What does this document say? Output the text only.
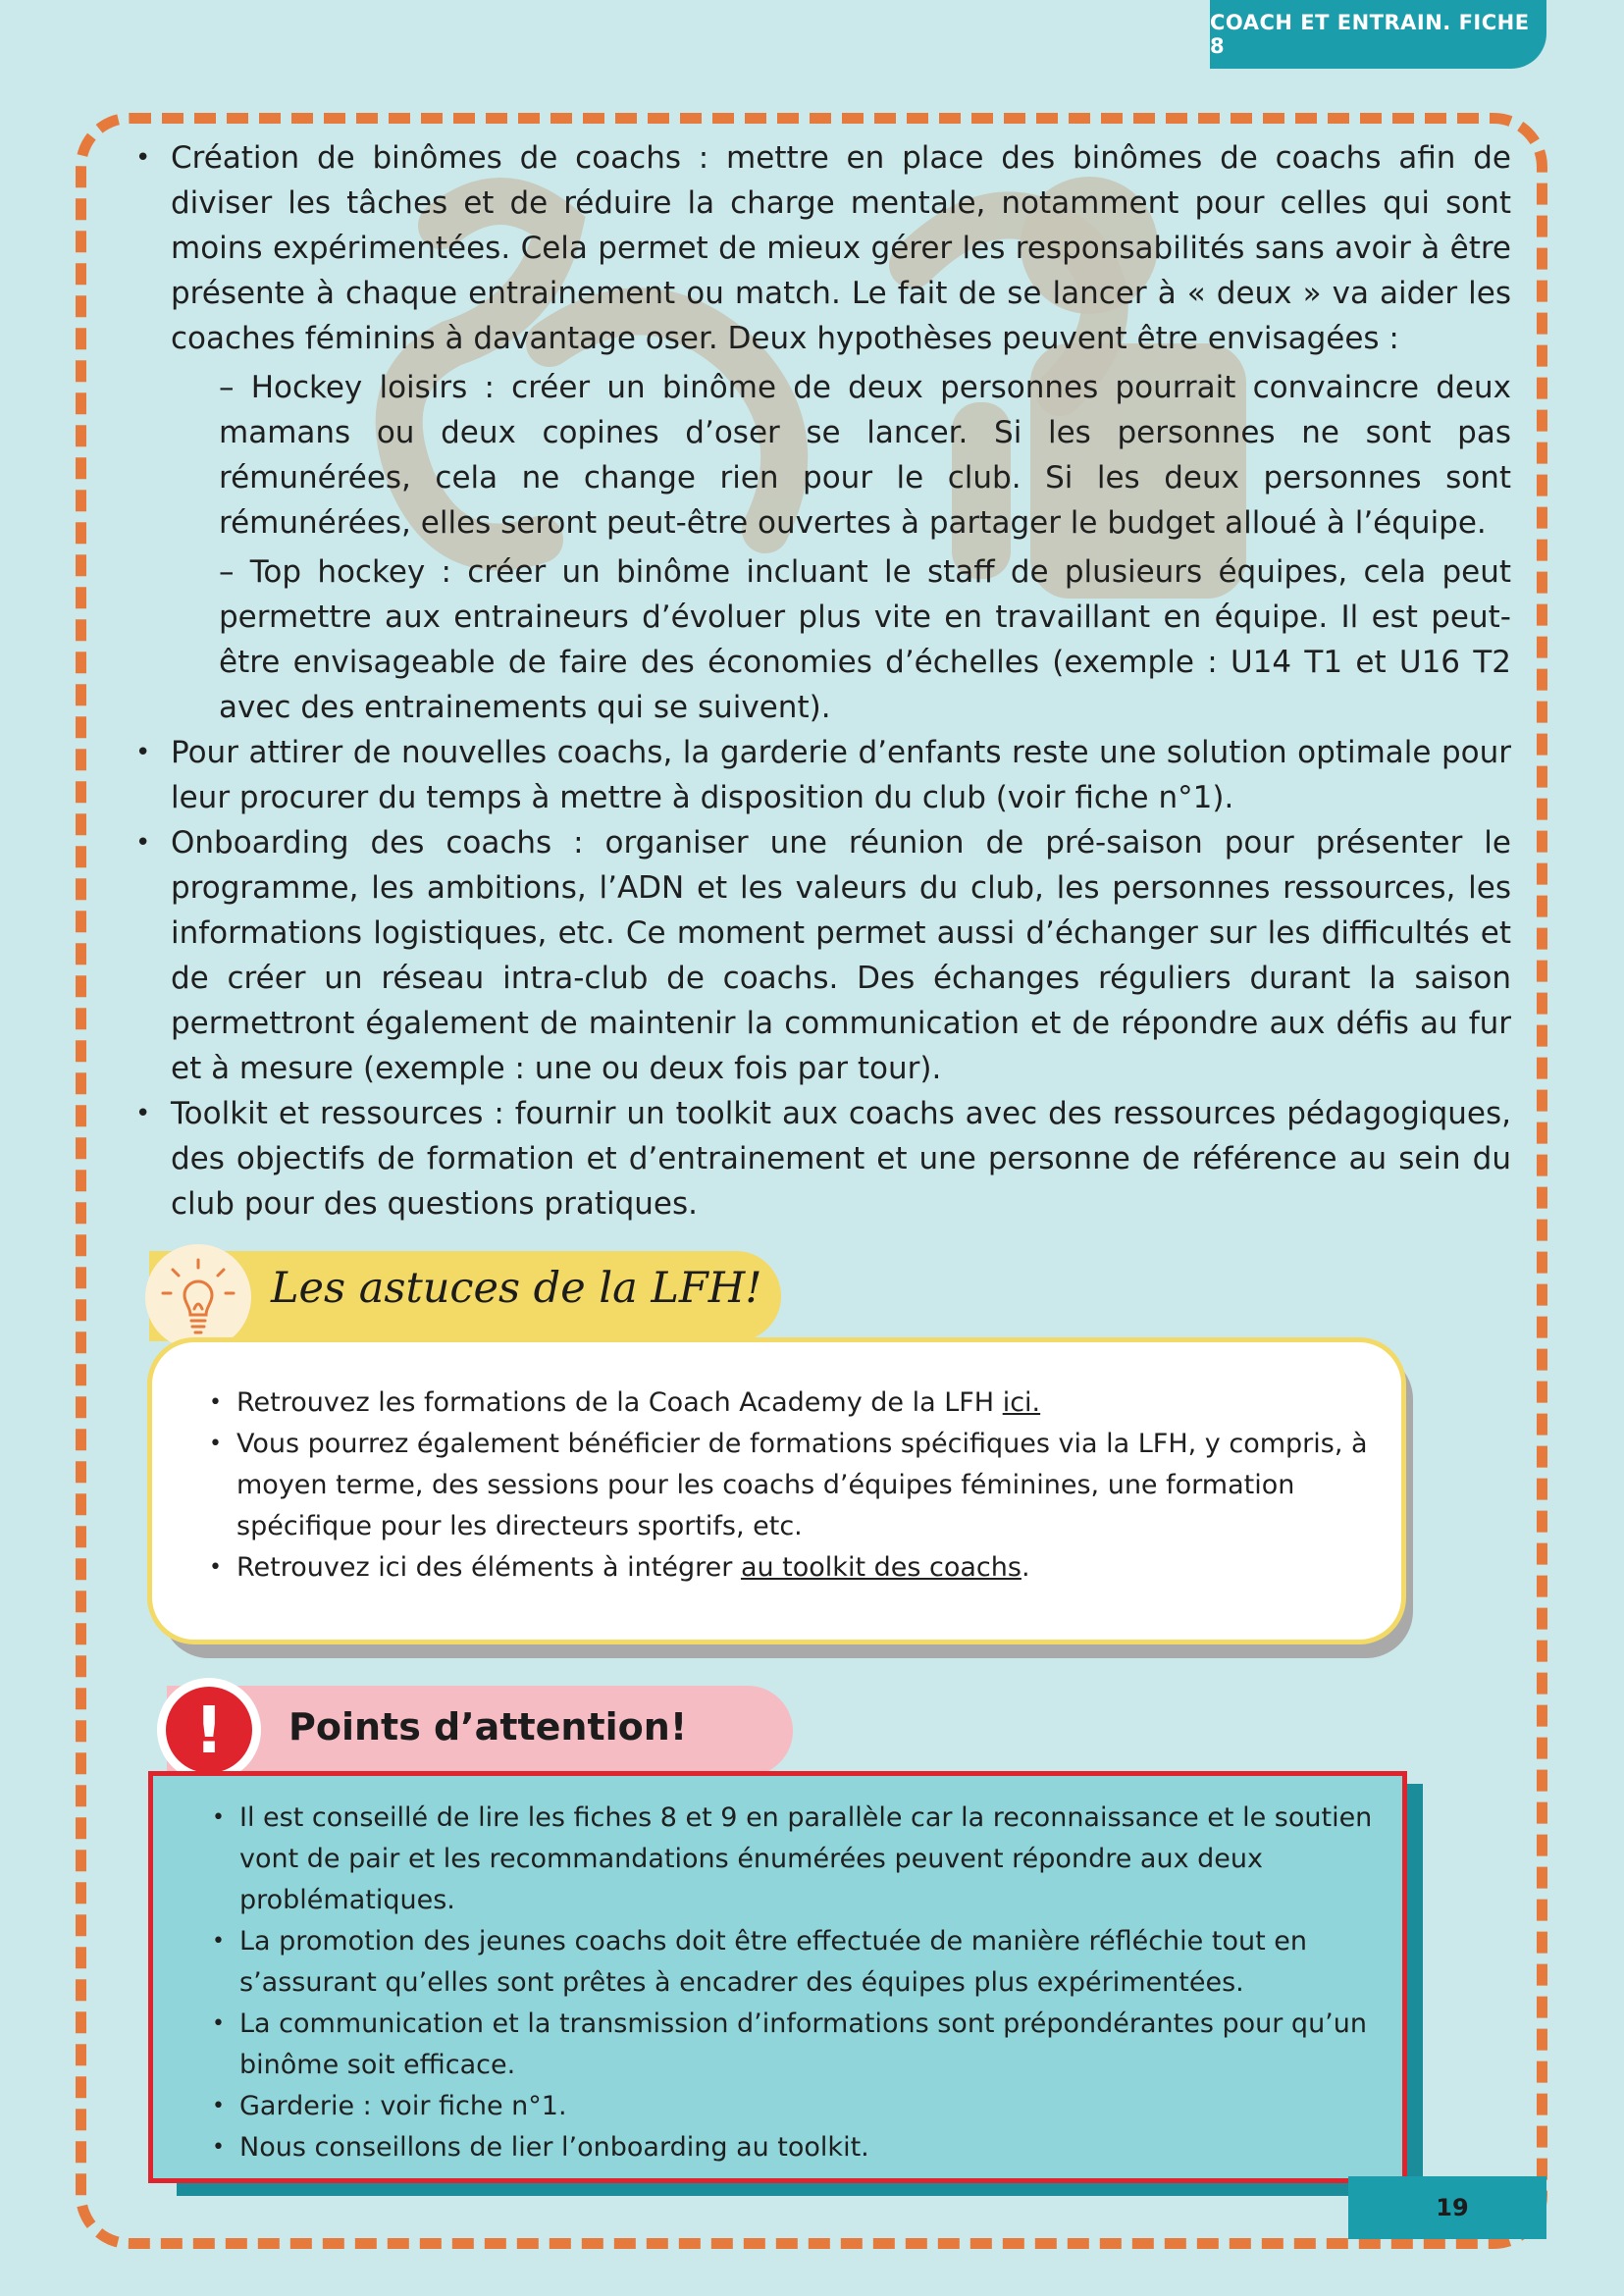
COACH ET ENTRAIN. FICHE 8
• Création de binômes de coachs : mettre en place des binômes de coachs afin de diviser les tâches et de réduire la charge mentale, notamment pour celles qui sont moins expérimentées. Cela permet de mieux gérer les responsabilités sans avoir à être présente à chaque entrainement ou match. Le fait de se lancer à « deux » va aider les coaches féminins à davantage oser. Deux hypothèses peuvent être envisagées :
– Hockey loisirs : créer un binôme de deux personnes pourrait convaincre deux mamans ou deux copines d’oser se lancer. Si les personnes ne sont pas rémunérées, cela ne change rien pour le club. Si les deux personnes sont rémunérées, elles seront peut-être ouvertes à partager le budget alloué à l’équipe.
– Top hockey : créer un binôme incluant le staff de plusieurs équipes, cela peut permettre aux entraineurs d’évoluer plus vite en travaillant en équipe. Il est peut-être envisageable de faire des économies d’échelles (exemple : U14 T1 et U16 T2 avec des entrainements qui se suivent).
• Pour attirer de nouvelles coachs, la garderie d’enfants reste une solution optimale pour leur procurer du temps à mettre à disposition du club (voir fiche n°1).
• Onboarding des coachs : organiser une réunion de pré-saison pour présenter le programme, les ambitions, l’ADN et les valeurs du club, les personnes ressources, les informations logistiques, etc. Ce moment permet aussi d’échanger sur les difficultés et de créer un réseau intra-club de coachs. Des échanges réguliers durant la saison permettront également de maintenir la communication et de répondre aux défis au fur et à mesure (exemple : une ou deux fois par tour).
• Toolkit et ressources : fournir un toolkit aux coachs avec des ressources pédagogiques, des objectifs de formation et d’entrainement et une personne de référence au sein du club pour des questions pratiques.
Les astuces de la LFH!
• Retrouvez les formations de la Coach Academy de la LFH ici.
• Vous pourrez également bénéficier de formations spécifiques via la LFH, y compris, à moyen terme, des sessions pour les coachs d’équipes féminines, une formation spécifique pour les directeurs sportifs, etc.
• Retrouvez ici des éléments à intégrer au toolkit des coachs.
!	Points d’attention!
• Il est conseillé de lire les fiches 8 et 9 en parallèle car la reconnaissance et le soutien vont de pair et les recommandations énumérées peuvent répondre aux deux problématiques.
• La promotion des jeunes coachs doit être effectuée de manière réfléchie tout en s’assurant qu’elles sont prêtes à encadrer des équipes plus expérimentées.
• La communication et la transmission d’informations sont prépondérantes pour qu’un binôme soit efficace.
• Garderie : voir fiche n°1.
• Nous conseillons de lier l’onboarding au toolkit.
19
